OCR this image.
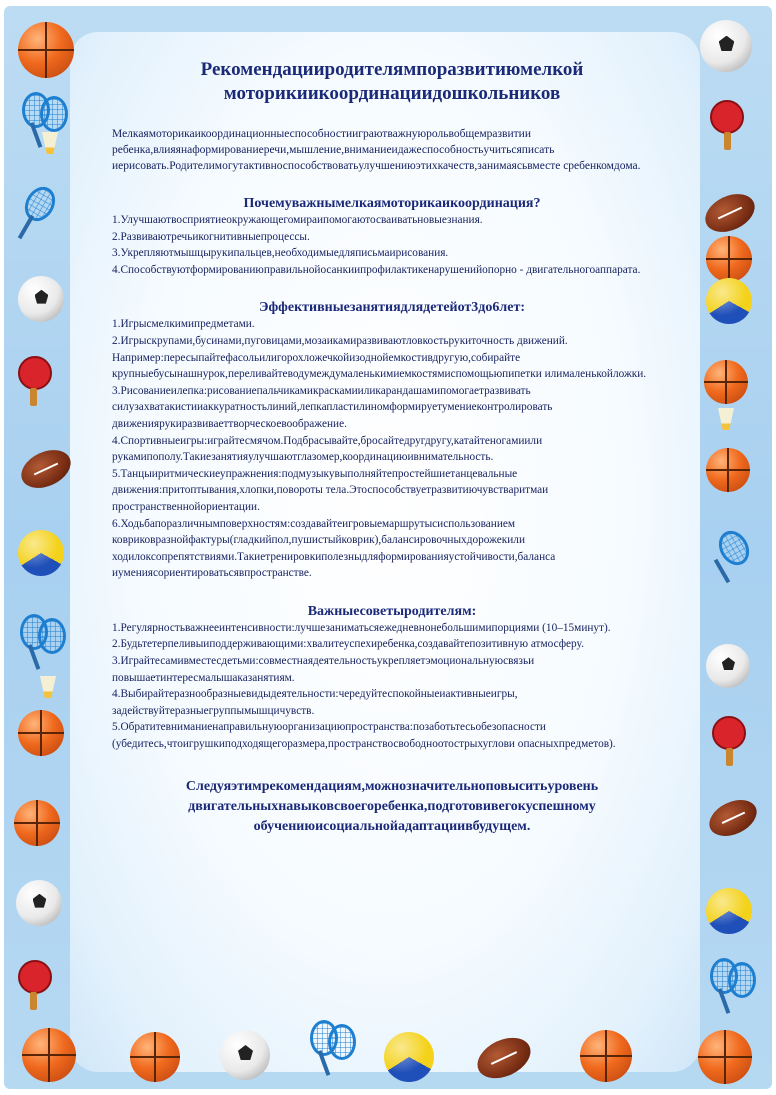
Рекомендацииродителямпоразвитиюмелкой моторикиикоординациидошкольников
Мелкаямоторикаикоординационныеспособностииграютважнуюрольвобщемразвитии ребенка,влияянаформированиеречи,мышление,вниманиеидажеспособностьучитьсяписать иерисовать.Родителимогутактивноспособствоватьулучшениюэтихкачеств,занимаясьвместе сребенкомдома.
Почемуважнымелкаямоторикаикоординация?

1.Улучшаютвосприятиеокружающегомираипомогаютосваиватьновыезнания.

2.Развиваютречьикогнитивныепроцессы.

3.Укрепляютмышцырукипальцев,необходимыедляписьмаирисования.

4.Способствуютформированиюправильнойосанкиипрофилактикенарушенийопорно - двигательногоаппарата.

Эффективныезанятиядлядетейот3до6лет:

1.Игрысмелкимипредметами.

2.Игрыскрупами,бусинами,пуговицами,мозаикамиразвиваютловкостьрукиточность движений.

Например:пересыпайтефасольилигорохложечкойизоднойемкостивдругую,собирайте крупныебусынашнурок,переливайтеводумеждумаленькимиемкостямиспомощьюпипетки илималенькойложки.

3.Рисованиеилепка:рисованиепальчикамикраскамииликарандашамипомогаетразвивать силузахватакистииаккуратностьлиний,лепкапластилиномформируетумениеконтролировать движениярукиразвиваеттворческоевоображение.

4.Спортивныеигры:игрaйтесмячом.Подбрасывайте,бросайтедругдругу,катайтеногамиили рукамипополу.Такиезанятияулучшаютглазомер,координациюивнимательность.

5.Танцыиритмическиеупражнения:подмузыкувыполняйтепростейшиетанцевальные движения:притоптывания,хлопки,повороты тела.Этоспособствуетразвитиючувстваритмаи пространственнойориентации.

6.Ходьбапоразличнымповерхностям:создавайтеигровыемаршрутысиспользованием ковриковразнойфактуры(гладкийпол,пушистыйковрик),балансировочныхдорожекили ходилоксопрепятствиями.Такиетренировкиполезныдляформированияустойчивости,баланса иумениясориентироватьсявпространстве.

Важныесоветыродителям:

1.Регулярностьважнееинтенсивности:лучшезаниматьсяежедневнонебольшимипорциями (10–15минут).

2.Будьтетерпеливыиподдерживающими:хвалитеуспехиребенка,создавайтепозитивную атмосферу.

3.Играйтесамивместесдетьми:совместнаядеятельностьукрепляетэмоциональнуюсвязьи повышаетинтересмалышаказанятиям.

4.Выбирайтеразнообразныевидыдеятельности:чередуйтеспокойныеиактивныеигры, задействуйтеразныегруппымышцичувств.

5.Обратитевниманиенаправильнуюорганизациюпространства:позаботьтесьобезопасности (убедитесь,чтоигрушкиподходящегоразмера,пространствосвободноотострыхуглови опасныхпредметов).

Следуяэтимрекомендациям,можнозначительноповыситьуровень двигательныхнавыковсвоегоребенка,подготовивегокуспешному обучениюисоциальнойадаптациивбудущем.
